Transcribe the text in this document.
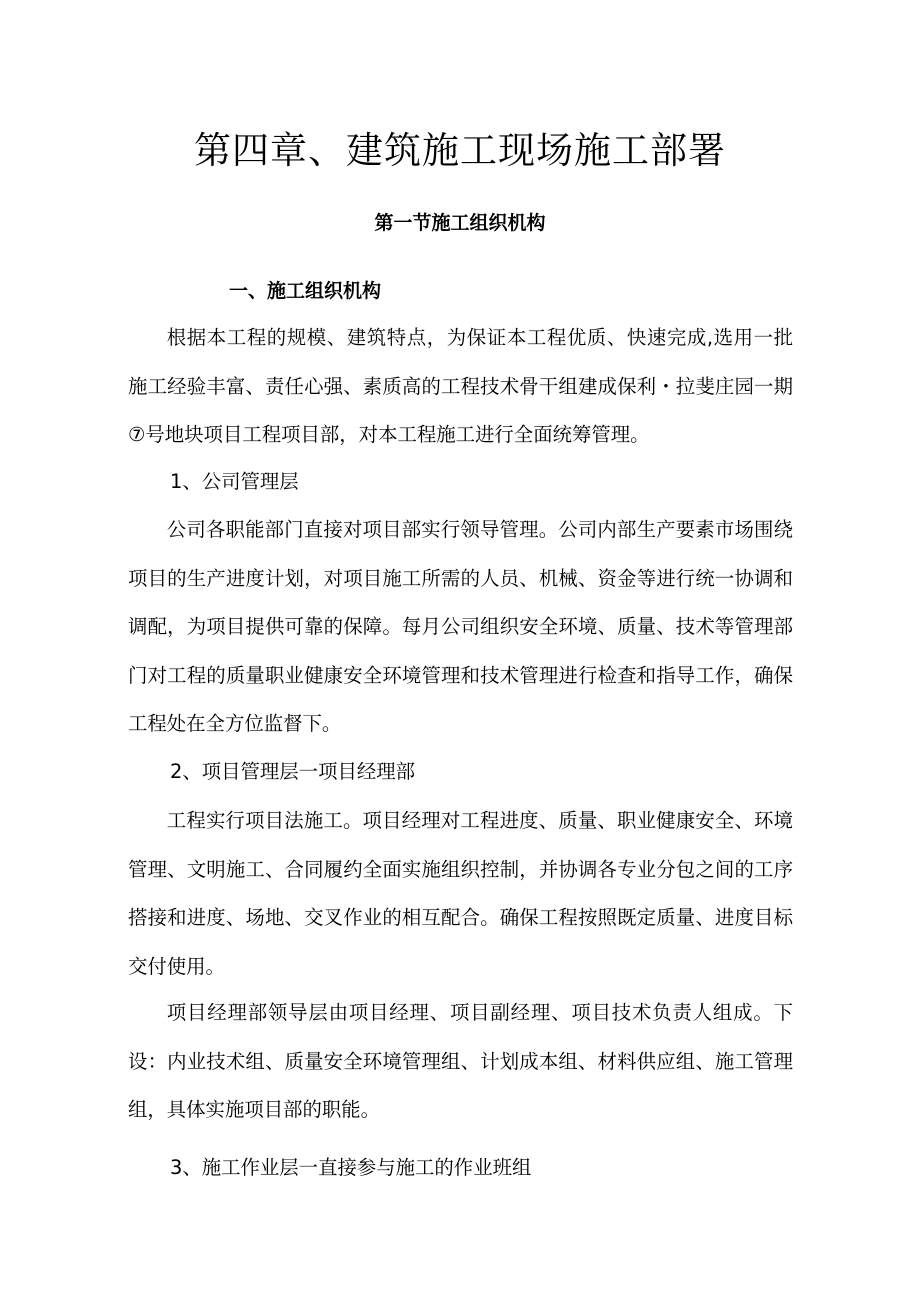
第四章、建筑施工现场施工部署
第一节施工组织机构
一、施工组织机构

根据本工程的规模、建筑特点，为保证本工程优质、快速完成,选用一批施工经验丰富、责任心强、素质高的工程技术骨干组建成保利・拉斐庄园一期⑦号地块项目工程项目部，对本工程施工进行全面统筹管理。

1、公司管理层

公司各职能部门直接对项目部实行领导管理。公司内部生产要素市场围绕项目的生产进度计划，对项目施工所需的人员、机械、资金等进行统一协调和调配，为项目提供可靠的保障。每月公司组织安全环境、质量、技术等管理部门对工程的质量职业健康安全环境管理和技术管理进行检查和指导工作，确保工程处在全方位监督下。

2、项目管理层一项目经理部

工程实行项目法施工。项目经理对工程进度、质量、职业健康安全、环境管理、文明施工、合同履约全面实施组织控制，并协调各专业分包之间的工序搭接和进度、场地、交叉作业的相互配合。确保工程按照既定质量、进度目标交付使用。

项目经理部领导层由项目经理、项目副经理、项目技术负责人组成。下设：内业技术组、质量安全环境管理组、计划成本组、材料供应组、施工管理组，具体实施项目部的职能。

3、施工作业层一直接参与施工的作业班组
